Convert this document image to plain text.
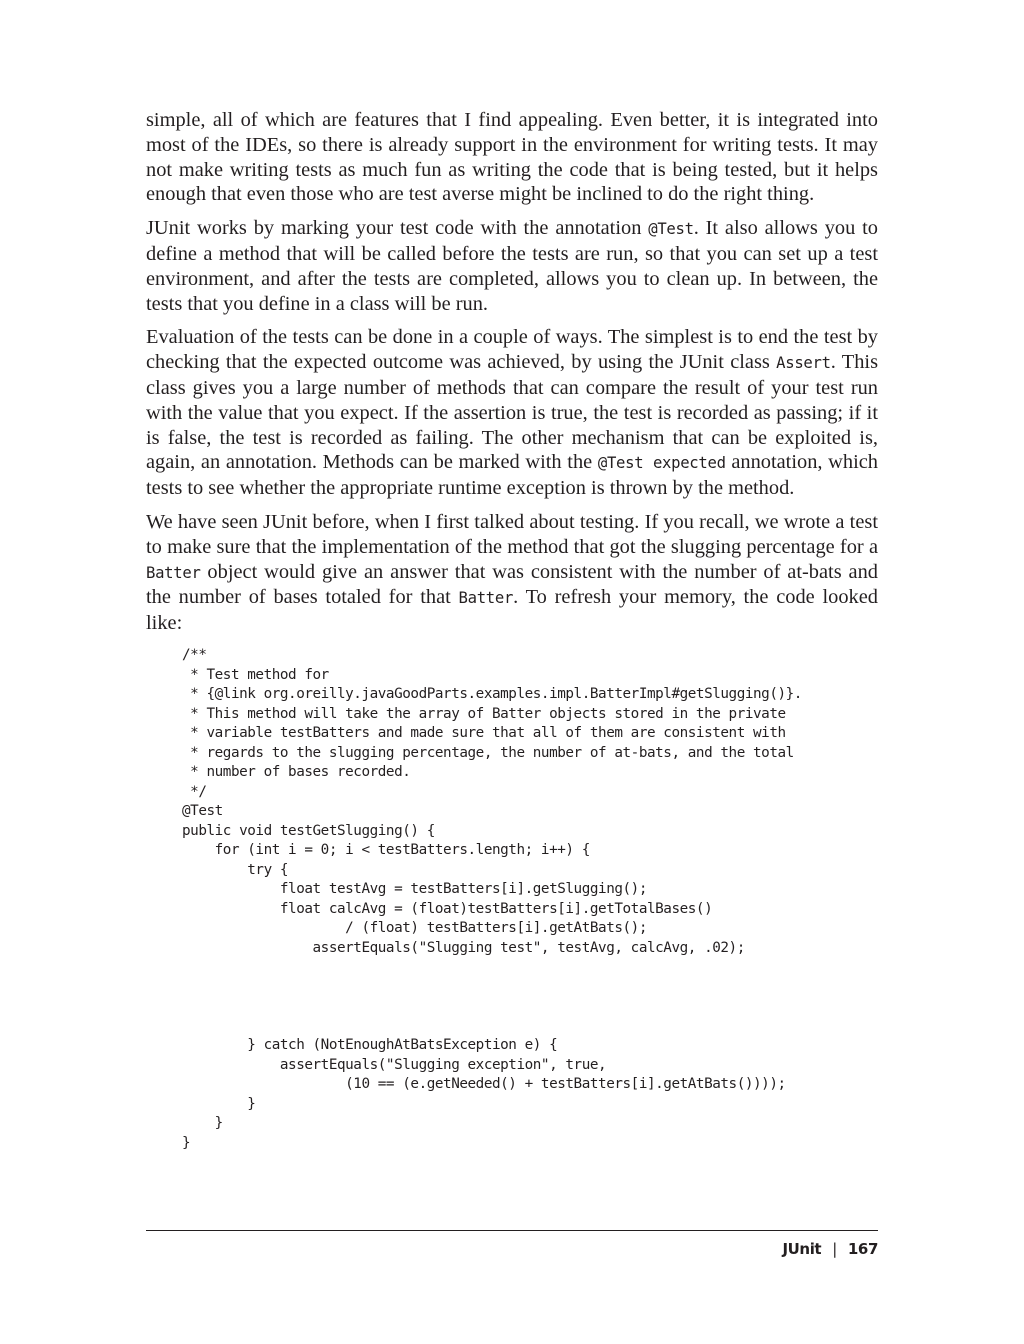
simple, all of which are features that I find appealing. Even better, it is integrated into most of the IDEs, so there is already support in the environment for writing tests. It may not make writing tests as much fun as writing the code that is being tested, but it helps enough that even those who are test averse might be inclined to do the right thing.

JUnit works by marking your test code with the annotation @Test. It also allows you to define a method that will be called before the tests are run, so that you can set up a test environment, and after the tests are completed, allows you to clean up. In between, the tests that you define in a class will be run.

Evaluation of the tests can be done in a couple of ways. The simplest is to end the test by checking that the expected outcome was achieved, by using the JUnit class Assert. This class gives you a large number of methods that can compare the result of your test run with the value that you expect. If the assertion is true, the test is recorded as passing; if it is false, the test is recorded as failing. The other mechanism that can be exploited is, again, an annotation. Methods can be marked with the @Test expected annotation, which tests to see whether the appropriate runtime exception is thrown by the method.

We have seen JUnit before, when I first talked about testing. If you recall, we wrote a test to make sure that the implementation of the method that got the slugging percentage for a Batter object would give an answer that was consistent with the number of at-bats and the number of bases totaled for that Batter. To refresh your memory, the code looked like:

/**
* Test method for
* {@link org.oreilly.javaGoodParts.examples.impl.BatterImpl#getSlugging()}.
* This method will take the array of Batter objects stored in the private
* variable testBatters and made sure that all of them are consistent with
* regards to the slugging percentage, the number of at-bats, and the total
* number of bases recorded.
*/
@Test
public void testGetSlugging() {
for (int i = 0; i < testBatters.length; i++) {
try {
float testAvg = testBatters[i].getSlugging();
float calcAvg = (float)testBatters[i].getTotalBases()
/ (float) testBatters[i].getAtBats();
assertEquals("Slugging test", testAvg, calcAvg, .02);
} catch (NotEnoughAtBatsException e) {
assertEquals("Slugging exception", true,
(10 == (e.getNeeded() + testBatters[i].getAtBats())));
}
}
}
JUnit | 167
